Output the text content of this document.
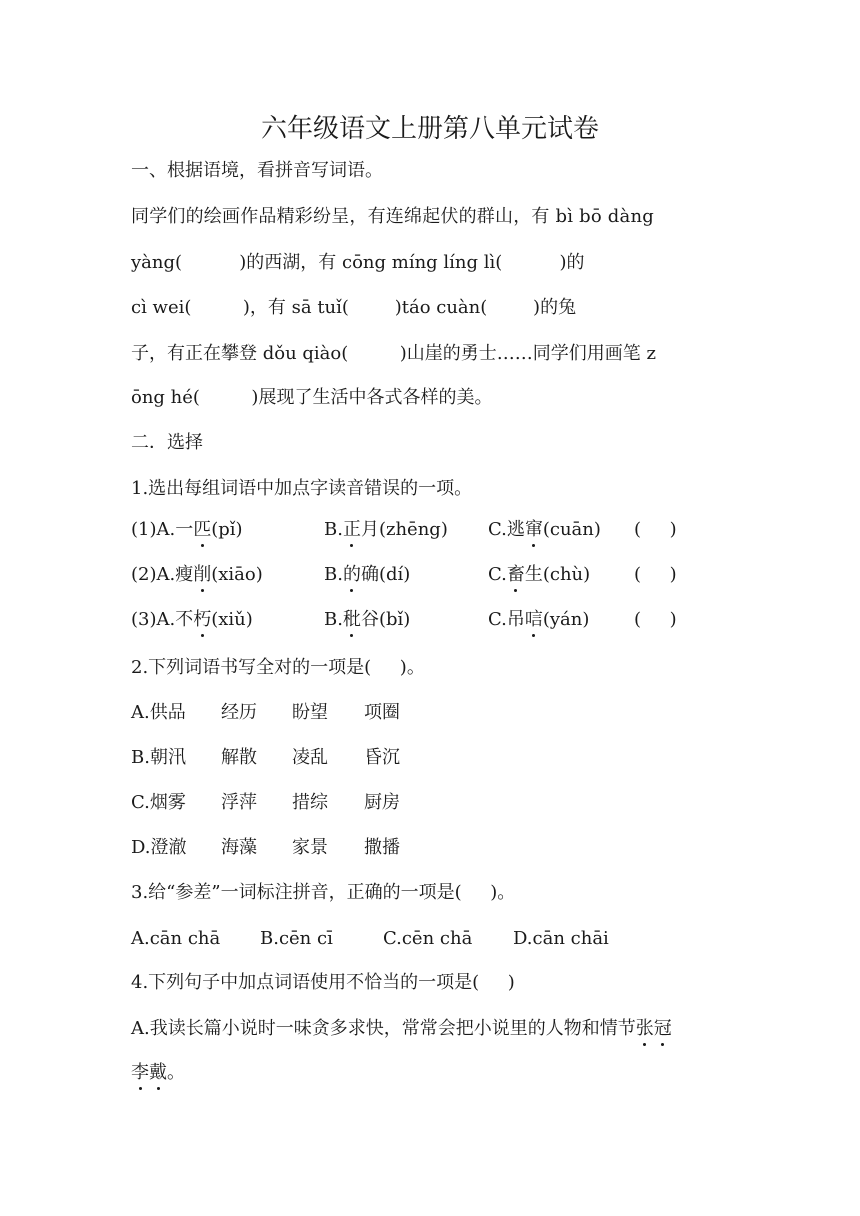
六年级语文上册第八单元试卷
一、根据语境，看拼音写词语。
同学们的绘画作品精彩纷呈，有连绵起伏的群山，有 bì bō dàng
yàng(          )的西湖，有 cōng míng líng lì(          )的
cì wei(         )，有 sā tuǐ(        )táo cuàn(        )的兔
子，有正在攀登 dǒu qiào(         )山崖的勇士……同学们用画笔 z
ōng hé(         )展现了生活中各式各样的美。
二．选择
1.选出每组词语中加点字读音错误的一项。
(1)A.一匹(pǐ)	B.正月(zhēng) C.逃窜(cuān) (     )
(2)A.瘦削(xiāo)	B.的确(dí)	C.畜生(chù) (     )
(3)A.不朽(xiǔ)	B.秕谷(bǐ)	C.吊唁(yán) (     )
2.下列词语书写全对的一项是(     )。
A.供品 经历 盼望 项圈
B.朝汛 解散 凌乱 昏沉
C.烟雾 浮萍 措综 厨房
D.澄澈 海藻 家景 撒播
3.给“参差”一词标注拼音，正确的一项是(     )。
A.cān chā B.cēn cī	C.cēn chā D.cān chāi
4.下列句子中加点词语使用不恰当的一项是(     )
A.我读长篇小说时一味贪多求快，常常会把小说里的人物和情节张冠
李戴。
